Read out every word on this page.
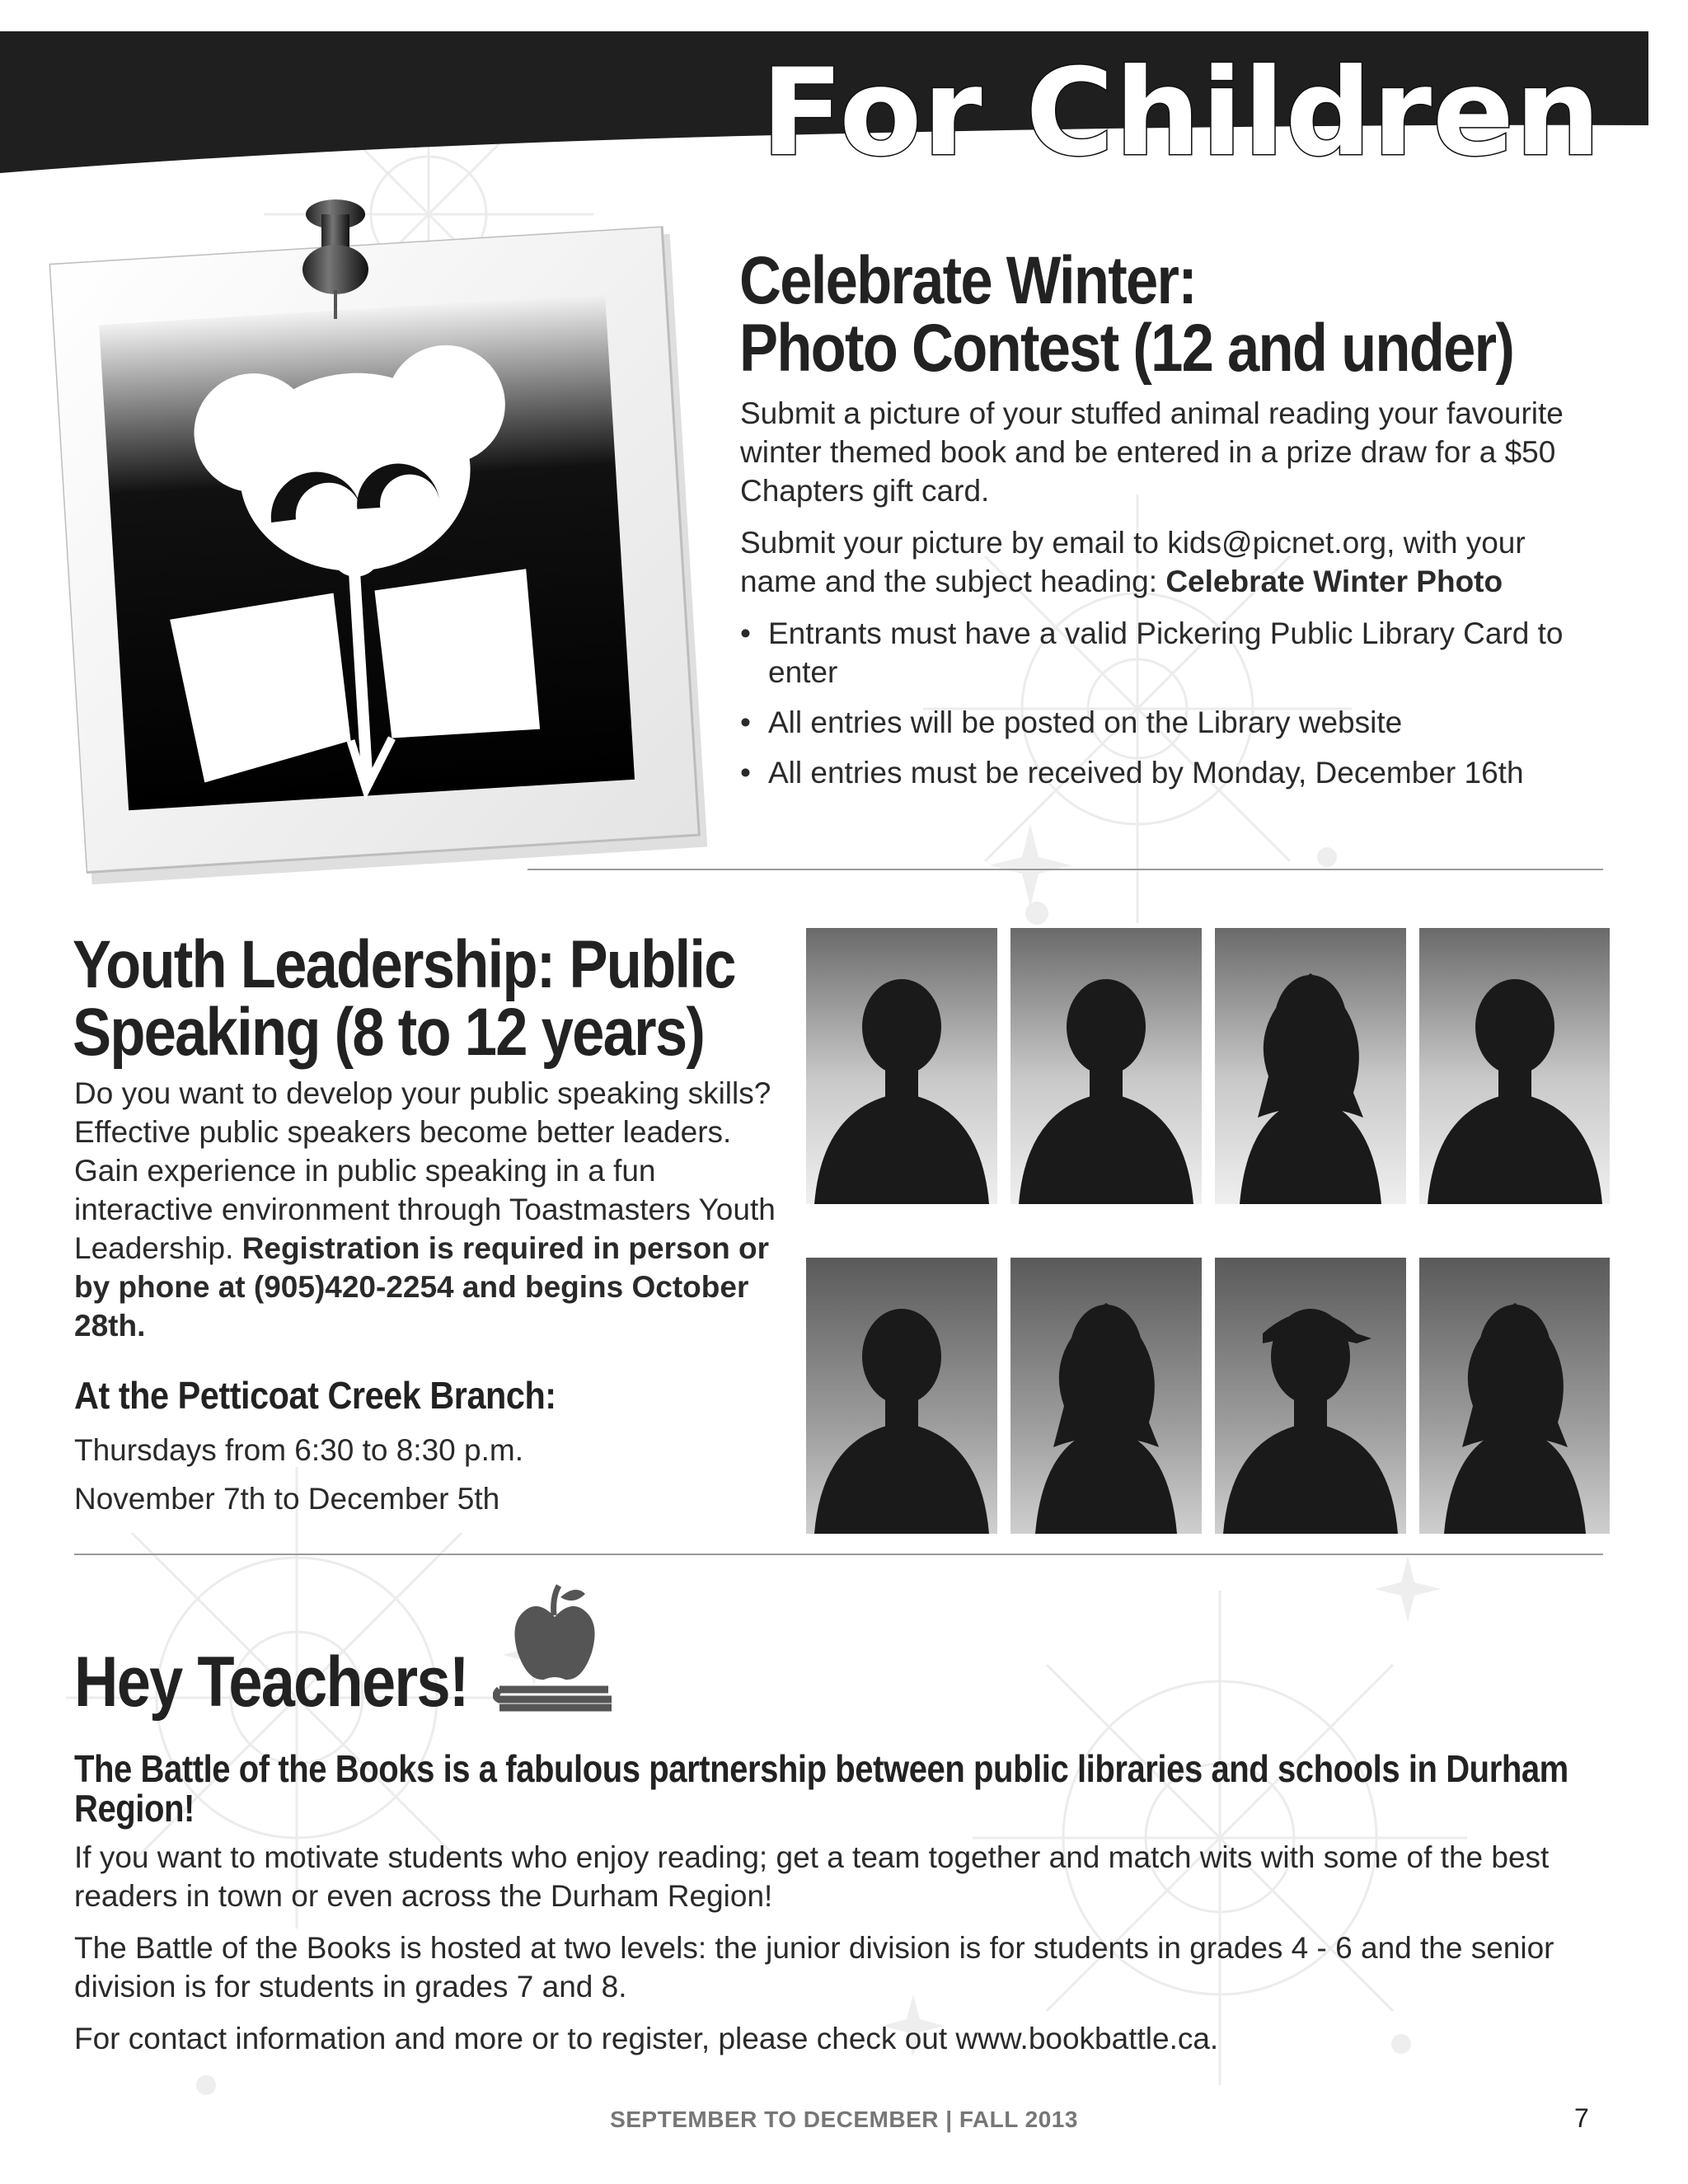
For Children
Celebrate Winter:
Photo Contest (12 and under)

Submit a picture of your stuffed animal reading your favourite winter themed book and be entered in a prize draw for a $50 Chapters gift card.

Submit your picture by email to kids@picnet.org, with your name and the subject heading: Celebrate Winter Photo

• Entrants must have a valid Pickering Public Library Card to enter
• All entries will be posted on the Library website
• All entries must be received by Monday, December 16th
Youth Leadership: Public
Speaking (8 to 12 years)

Do you want to develop your public speaking skills? Effective public speakers become better leaders. Gain experience in public speaking in a fun interactive environment through Toastmasters Youth Leadership. Registration is required in person or by phone at (905)420-2254 and begins October 28th.

At the Petticoat Creek Branch:

Thursdays from 6:30 to 8:30 p.m.

November 7th to December 5th

Hey Teachers!
The Battle of the Books is a fabulous partnership between public libraries and schools in Durham Region!

If you want to motivate students who enjoy reading; get a team together and match wits with some of the best readers in town or even across the Durham Region!

The Battle of the Books is hosted at two levels: the junior division is for students in grades 4 - 6 and the senior division is for students in grades 7 and 8.

For contact information and more or to register, please check out www.bookbattle.ca.

SEPTEMBER TO DECEMBER | FALL 2013	7
